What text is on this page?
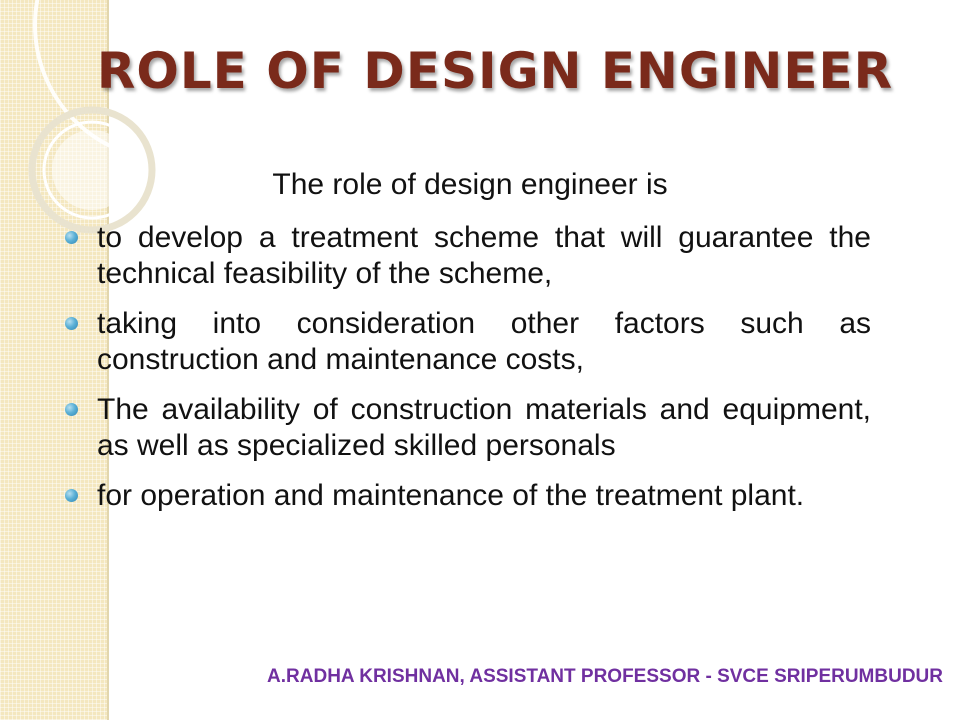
ROLE OF DESIGN ENGINEER

The role of design engineer is

to develop a treatment scheme that will guarantee the technical feasibility of the scheme,
taking into consideration other factors such as construction and maintenance costs,
The availability of construction materials and equipment, as well as specialized skilled personals
for operation and maintenance of the treatment plant.

A.RADHA KRISHNAN, ASSISTANT PROFESSOR - SVCE SRIPERUMBUDUR
